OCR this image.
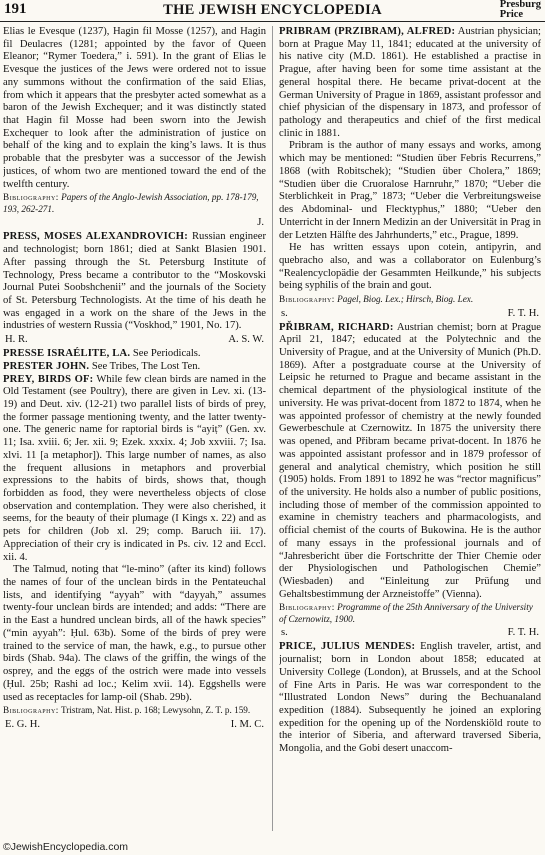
191	THE JEWISH ENCYCLOPEDIA	Presburg
Price

Elias le Evesque (1237), Hagin fil Mosse (1257), and Hagin fil Deulacres (1281; appointed by the favor of Queen Eleanor; “Rymer Toedera,” i. 591). In the grant of Elias le Evesque the justices of the Jews were ordered not to issue any summons without the confirmation of the said Elias, from which it appears that the presbyter acted somewhat as a baron of the Jewish Exchequer; and it was distinctly stated that Hagin fil Mosse had been sworn into the Jewish Exchequer to look after the administration of justice on behalf of the king and to explain the king’s laws. It is thus probable that the presbyter was a successor of the Jewish justices, of whom two are mentioned toward the end of the twelfth century.

Bibliography: Papers of the Anglo-Jewish Association, pp. 178-179, 193, 262-271.

J.

PRESS, MOSES ALEXANDROVICH: Russian engineer and technologist; born 1861; died at Sankt Blasien 1901. After passing through the St. Petersburg Institute of Technology, Press became a contributor to the “Moskovski Journal Putei Soobshchenii” and the journals of the Society of St. Petersburg Technologists. At the time of his death he was engaged in a work on the share of the Jews in the industries of western Russia (“Voskhod,” 1901, No. 17).

H. R.	A. S. W.

PRESSE ISRAÉLITE, LA. See Periodicals.

PRESTER JOHN. See Tribes, The Lost Ten.

PREY, BIRDS OF: While few clean birds are named in the Old Testament (see Poultry), there are given in Lev. xi. (13-19) and Deut. xiv. (12-21) two parallel lists of birds of prey, the former passage mentioning twenty, and the latter twenty-one. The generic name for raptorial birds is “ayiṭ” (Gen. xv. 11; Isa. xviii. 6; Jer. xii. 9; Ezek. xxxix. 4; Job xxviii. 7; Isa. xlvi. 11 [a metaphor]). This large number of names, as also the frequent allusions in metaphors and proverbial expressions to the habits of birds, shows that, though forbidden as food, they were nevertheless objects of close observation and contemplation. They were also cherished, it seems, for the beauty of their plumage (I Kings x. 22) and as pets for children (Job xl. 29; comp. Baruch iii. 17). Appreciation of their cry is indicated in Ps. civ. 12 and Eccl. xii. 4.

The Talmud, noting that “le-mino” (after its kind) follows the names of four of the unclean birds in the Pentateuchal lists, and identifying “ayyah” with “dayyah,” assumes twenty-four unclean birds are intended; and adds: “There are in the East a hundred unclean birds, all of the hawk species” (“min ayyah”: Ḥul. 63b). Some of the birds of prey were trained to the service of man, the hawk, e.g., to pursue other birds (Shab. 94a). The claws of the griffin, the wings of the osprey, and the eggs of the ostrich were made into vessels (Ḥul. 25b; Rashi ad loc.; Kelim xvii. 14). Eggshells were used as receptacles for lamp-oil (Shab. 29b).

Bibliography: Tristram, Nat. Hist. p. 168; Lewysohn, Z. T. p. 159.

E. G. H.	I. M. C.

PRIBRAM (PRZIBRAM), ALFRED: Austrian physician; born at Prague May 11, 1841; educated at the university of his native city (M.D. 1861). He established a practise in Prague, after having been for some time assistant at the general hospital there. He became privat-docent at the German University of Prague in 1869, assistant professor and chief physician of the dispensary in 1873, and professor of pathology and therapeutics and chief of the first medical clinic in 1881.

Pribram is the author of many essays and works, among which may be mentioned: “Studien über Febris Recurrens,” 1868 (with Robitschek); “Studien über Cholera,” 1869; “Studien über die Cruoralose Harnruhr,” 1870; “Ueber die Sterblichkeit in Prag,” 1873; “Ueber die Verbreitungsweise des Abdominal- und Flecktyphus,” 1880; “Ueber den Unterricht in der Innern Medizin an der Universität in Prag in der Letzten Hälfte des Jahrhunderts,” etc., Prague, 1899.

He has written essays upon cotein, antipyrin, and quebracho also, and was a collaborator on Eulenburg’s “Realencyclopädie der Gesammten Heilkunde,” his subjects being syphilis of the brain and gout.

Bibliography: Pagel, Biog. Lex.; Hirsch, Biog. Lex.

s.	F. T. H.

PŘIBRAM, RICHARD: Austrian chemist; born at Prague April 21, 1847; educated at the Polytechnic and the University of Prague, and at the University of Munich (Ph.D. 1869). After a postgraduate course at the University of Leipsic he returned to Prague and became assistant in the chemical department of the physiological institute of the university. He was privat-docent from 1872 to 1874, when he was appointed professor of chemistry at the newly founded Gewerbeschule at Czernowitz. In 1875 the university there was opened, and Přibram became privat-docent. In 1876 he was appointed assistant professor and in 1879 professor of general and analytical chemistry, which position he still (1905) holds. From 1891 to 1892 he was “rector magnificus” of the university. He holds also a number of public positions, including those of member of the commission appointed to examine in chemistry teachers and pharmacologists, and official chemist of the courts of Bukowina. He is the author of many essays in the professional journals and of “Jahresbericht über die Fortschritte der Thier Chemie oder der Physiologischen und Pathologischen Chemie” (Wiesbaden) and “Einleitung zur Prüfung und Gehaltsbestimmung der Arzneistoffe” (Vienna).

Bibliography: Programme of the 25th Anniversary of the University of Czernowitz, 1900.

s.	F. T. H.

PRICE, JULIUS MENDES: English traveler, artist, and journalist; born in London about 1858; educated at University College (London), at Brussels, and at the School of Fine Arts in Paris. He was war correspondent to the “Illustrated London News” during the Bechuanaland expedition (1884). Subsequently he joined an exploring expedition for the opening up of the Nordenskiöld route to the interior of Siberia, and afterward traversed Siberia, Mongolia, and the Gobi desert unaccom-

©JewishEncyclopedia.com
